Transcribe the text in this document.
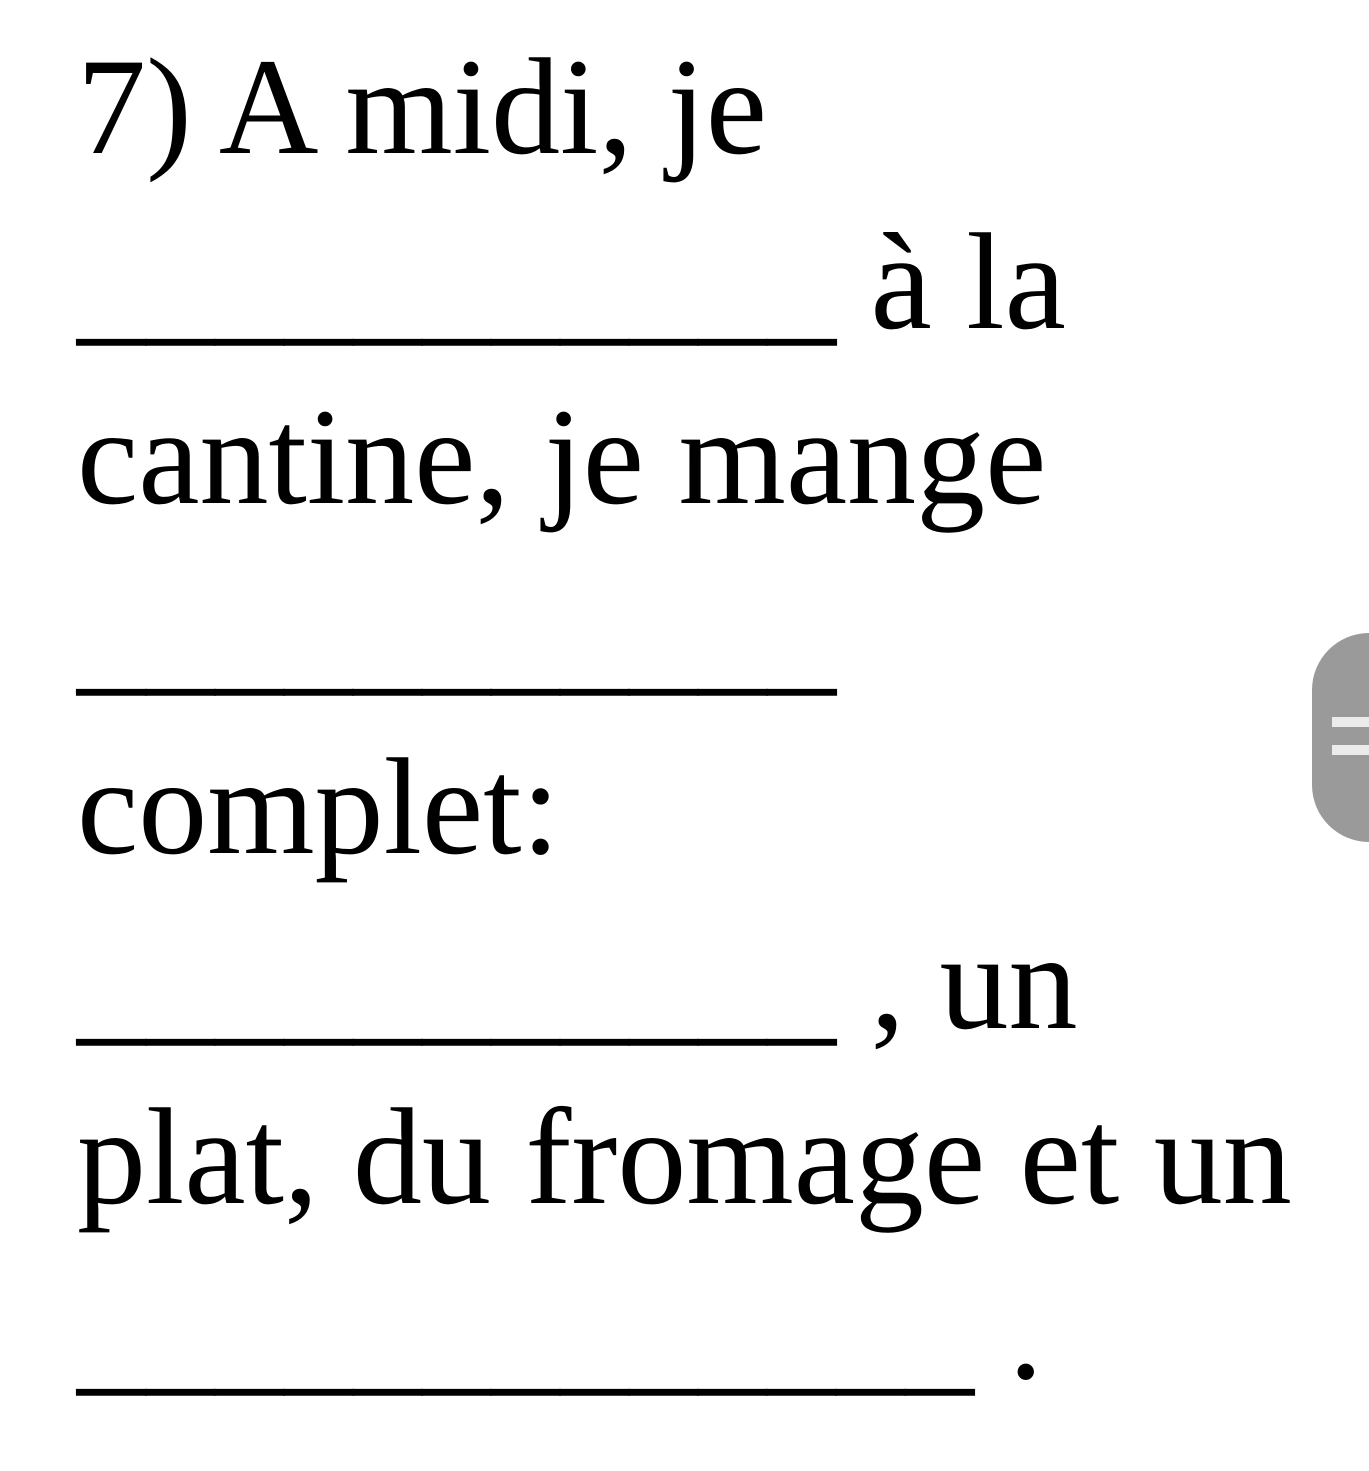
7) A midi, je
___________ à la
cantine, je mange
___________
complet:
___________ , un
plat, du fromage et un
_____________ .
